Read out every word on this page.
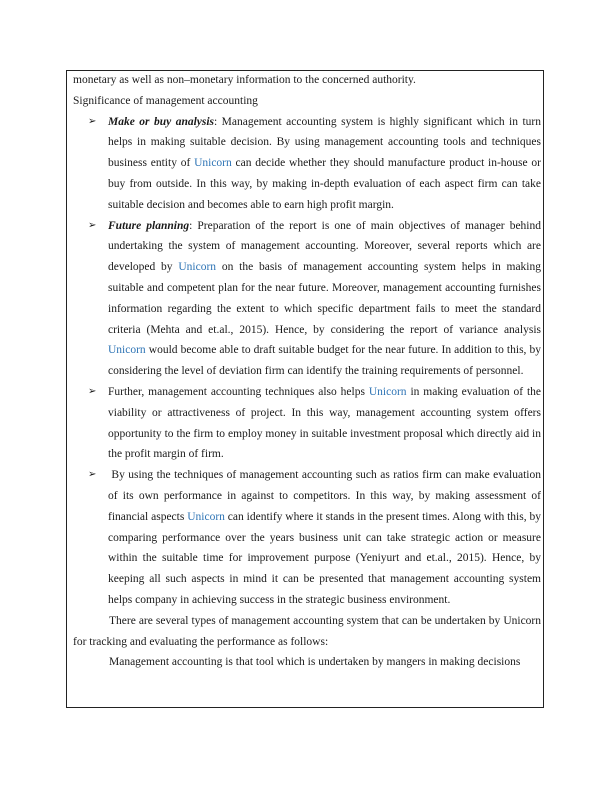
monetary as well as non–monetary information to the concerned authority.

Significance of management accounting

➢ Make or buy analysis: Management accounting system is highly significant which in turn helps in making suitable decision. By using management accounting tools and techniques business entity of Unicorn can decide whether they should manufacture product in-house or buy from outside. In this way, by making in-depth evaluation of each aspect firm can take suitable decision and becomes able to earn high profit margin.
➢ Future planning: Preparation of the report is one of main objectives of manager behind undertaking the system of management accounting. Moreover, several reports which are developed by Unicorn on the basis of management accounting system helps in making suitable and competent plan for the near future. Moreover, management accounting furnishes information regarding the extent to which specific department fails to meet the standard criteria (Mehta and et.al., 2015). Hence, by considering the report of variance analysis Unicorn would become able to draft suitable budget for the near future. In addition to this, by considering the level of deviation firm can identify the training requirements of personnel.
➢ Further, management accounting techniques also helps Unicorn in making evaluation of the viability or attractiveness of project. In this way, management accounting system offers opportunity to the firm to employ money in suitable investment proposal which directly aid in the profit margin of firm.
➢ By using the techniques of management accounting such as ratios firm can make evaluation of its own performance in against to competitors. In this way, by making assessment of financial aspects Unicorn can identify where it stands in the present times. Along with this, by comparing performance over the years business unit can take strategic action or measure within the suitable time for improvement purpose (Yeniyurt and et.al., 2015). Hence, by keeping all such aspects in mind it can be presented that management accounting system helps company in achieving success in the strategic business environment.

There are several types of management accounting system that can be undertaken by Unicorn for tracking and evaluating the performance as follows:

Management accounting is that tool which is undertaken by mangers in making decisions
